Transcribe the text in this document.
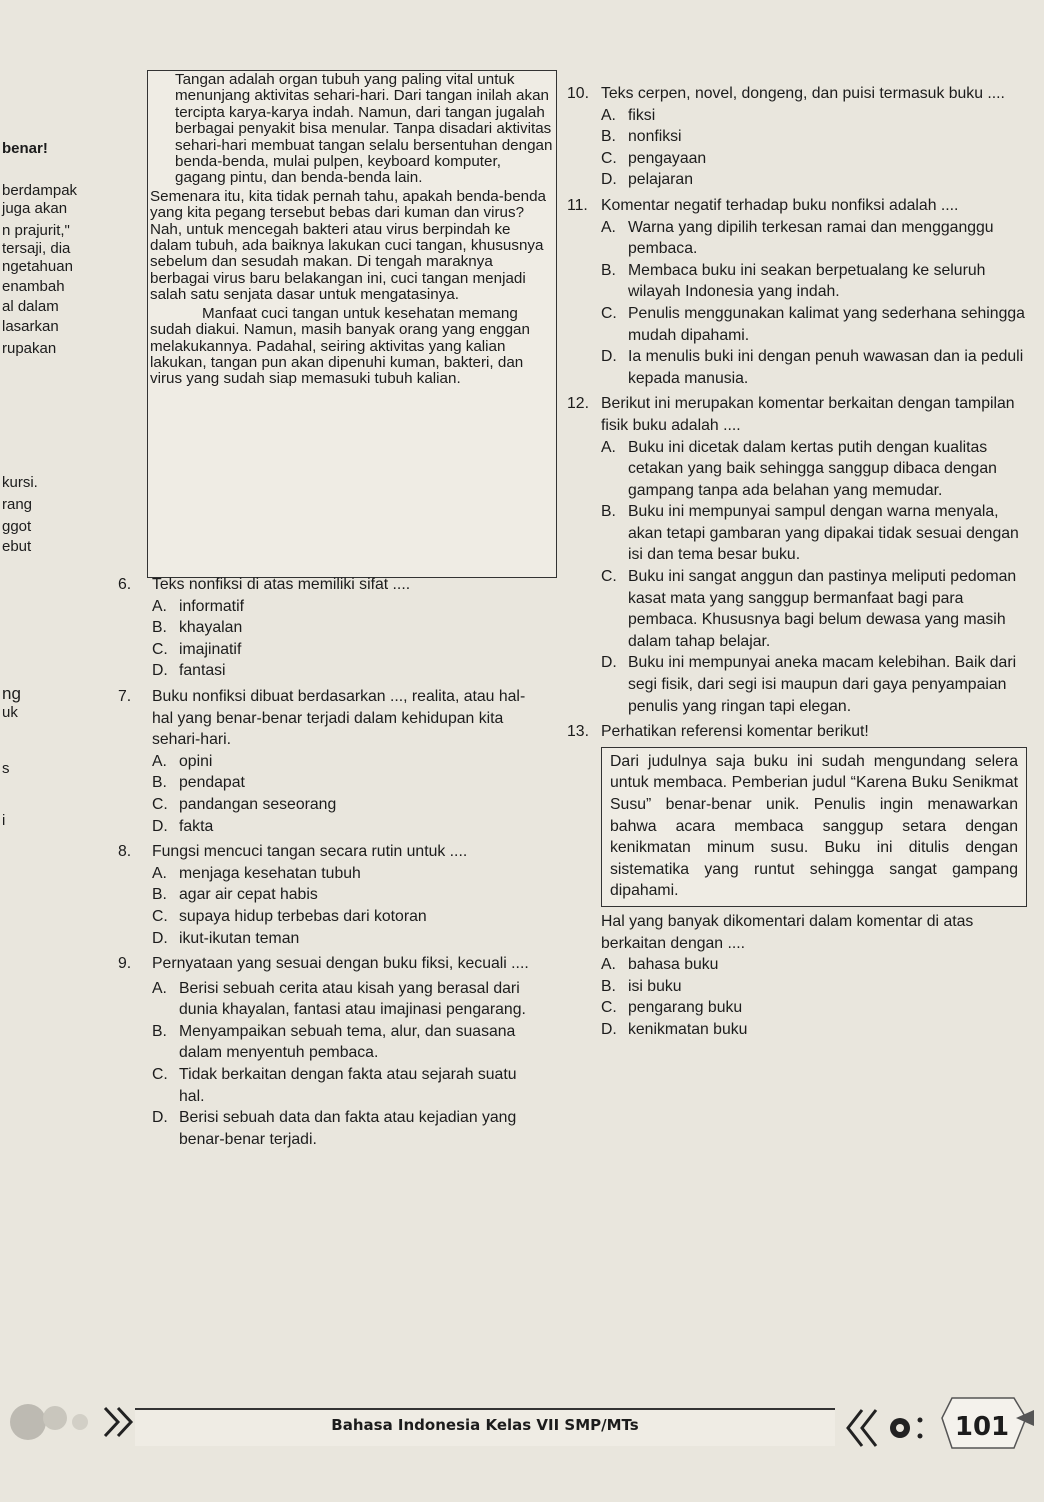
benar!
berdampak
juga akan
n prajurit,"
tersaji, dia
ngetahuan
enambah
al dalam
lasarkan
rupakan
kursi.
rang
ggot
ebut
ng
uk
s
i

Tangan adalah organ tubuh yang paling vital untuk menunjang aktivitas sehari-hari. Dari tangan inilah akan tercipta karya-karya indah. Namun, dari tangan jugalah berbagai penyakit bisa menular. Tanpa disadari aktivitas sehari-hari membuat tangan selalu bersentuhan dengan benda-benda, mulai pulpen, keyboard komputer, gagang pintu, dan benda-benda lain.

Semenara itu, kita tidak pernah tahu, apakah benda-benda yang kita pegang tersebut bebas dari kuman dan virus? Nah, untuk mencegah bakteri atau virus berpindah ke dalam tubuh, ada baiknya lakukan cuci tangan, khususnya sebelum dan sesudah makan. Di tengah maraknya berbagai virus baru belakangan ini, cuci tangan menjadi salah satu senjata dasar untuk mengatasinya.

Manfaat cuci tangan untuk kesehatan memang sudah diakui. Namun, masih banyak orang yang enggan melakukannya. Padahal, seiring aktivitas yang kalian lakukan, tangan pun akan dipenuhi kuman, bakteri, dan virus yang sudah siap memasuki tubuh kalian.

6. Teks nonfiksi di atas memiliki sifat ....
A. informatif
B. khayalan
C. imajinatif
D. fantasi
7. Buku nonfiksi dibuat berdasarkan ..., realita, atau hal-hal yang benar-benar terjadi dalam kehidupan kita sehari-hari.
A. opini
B. pendapat
C. pandangan seseorang
D. fakta
8. Fungsi mencuci tangan secara rutin untuk ....
A. menjaga kesehatan tubuh
B. agar air cepat habis
C. supaya hidup terbebas dari kotoran
D. ikut-ikutan teman
9. Pernyataan yang sesuai dengan buku fiksi, kecuali ....
A. Berisi sebuah cerita atau kisah yang berasal dari dunia khayalan, fantasi atau imajinasi pengarang.
B. Menyampaikan sebuah tema, alur, dan suasana dalam menyentuh pembaca.
C. Tidak berkaitan dengan fakta atau sejarah suatu hal.
D. Berisi sebuah data dan fakta atau kejadian yang benar-benar terjadi.
10. Teks cerpen, novel, dongeng, dan puisi termasuk buku ....
A. fiksi
B. nonfiksi
C. pengayaan
D. pelajaran
11. Komentar negatif terhadap buku nonfiksi adalah ....
A. Warna yang dipilih terkesan ramai dan mengganggu pembaca.
B. Membaca buku ini seakan berpetualang ke seluruh wilayah Indonesia yang indah.
C. Penulis menggunakan kalimat yang sederhana sehingga mudah dipahami.
D. Ia menulis buki ini dengan penuh wawasan dan ia peduli kepada manusia.
12. Berikut ini merupakan komentar berkaitan dengan tampilan fisik buku adalah ....
A. Buku ini dicetak dalam kertas putih dengan kualitas cetakan yang baik sehingga sanggup dibaca dengan gampang tanpa ada belahan yang memudar.
B. Buku ini mempunyai sampul dengan warna menyala, akan tetapi gambaran yang dipakai tidak sesuai dengan isi dan tema besar buku.
C. Buku ini sangat anggun dan pastinya meliputi pedoman kasat mata yang sanggup bermanfaat bagi para pembaca. Khususnya bagi belum dewasa yang masih dalam tahap belajar.
D. Buku ini mempunyai aneka macam kelebihan. Baik dari segi fisik, dari segi isi maupun dari gaya penyampaian penulis yang ringan tapi elegan.
13. Perhatikan referensi komentar berikut!
Dari judulnya saja buku ini sudah mengundang selera untuk membaca. Pemberian judul “Karena Buku Senikmat Susu” benar-benar unik. Penulis ingin menawarkan bahwa acara membaca sanggup setara dengan kenikmatan minum susu. Buku ini ditulis dengan sistematika yang runtut sehingga sangat gampang dipahami.
Hal yang banyak dikomentari dalam komentar di atas berkaitan dengan ....
A. bahasa buku
B. isi buku
C. pengarang buku
D. kenikmatan buku
Bahasa Indonesia Kelas VII SMP/MTs	101
